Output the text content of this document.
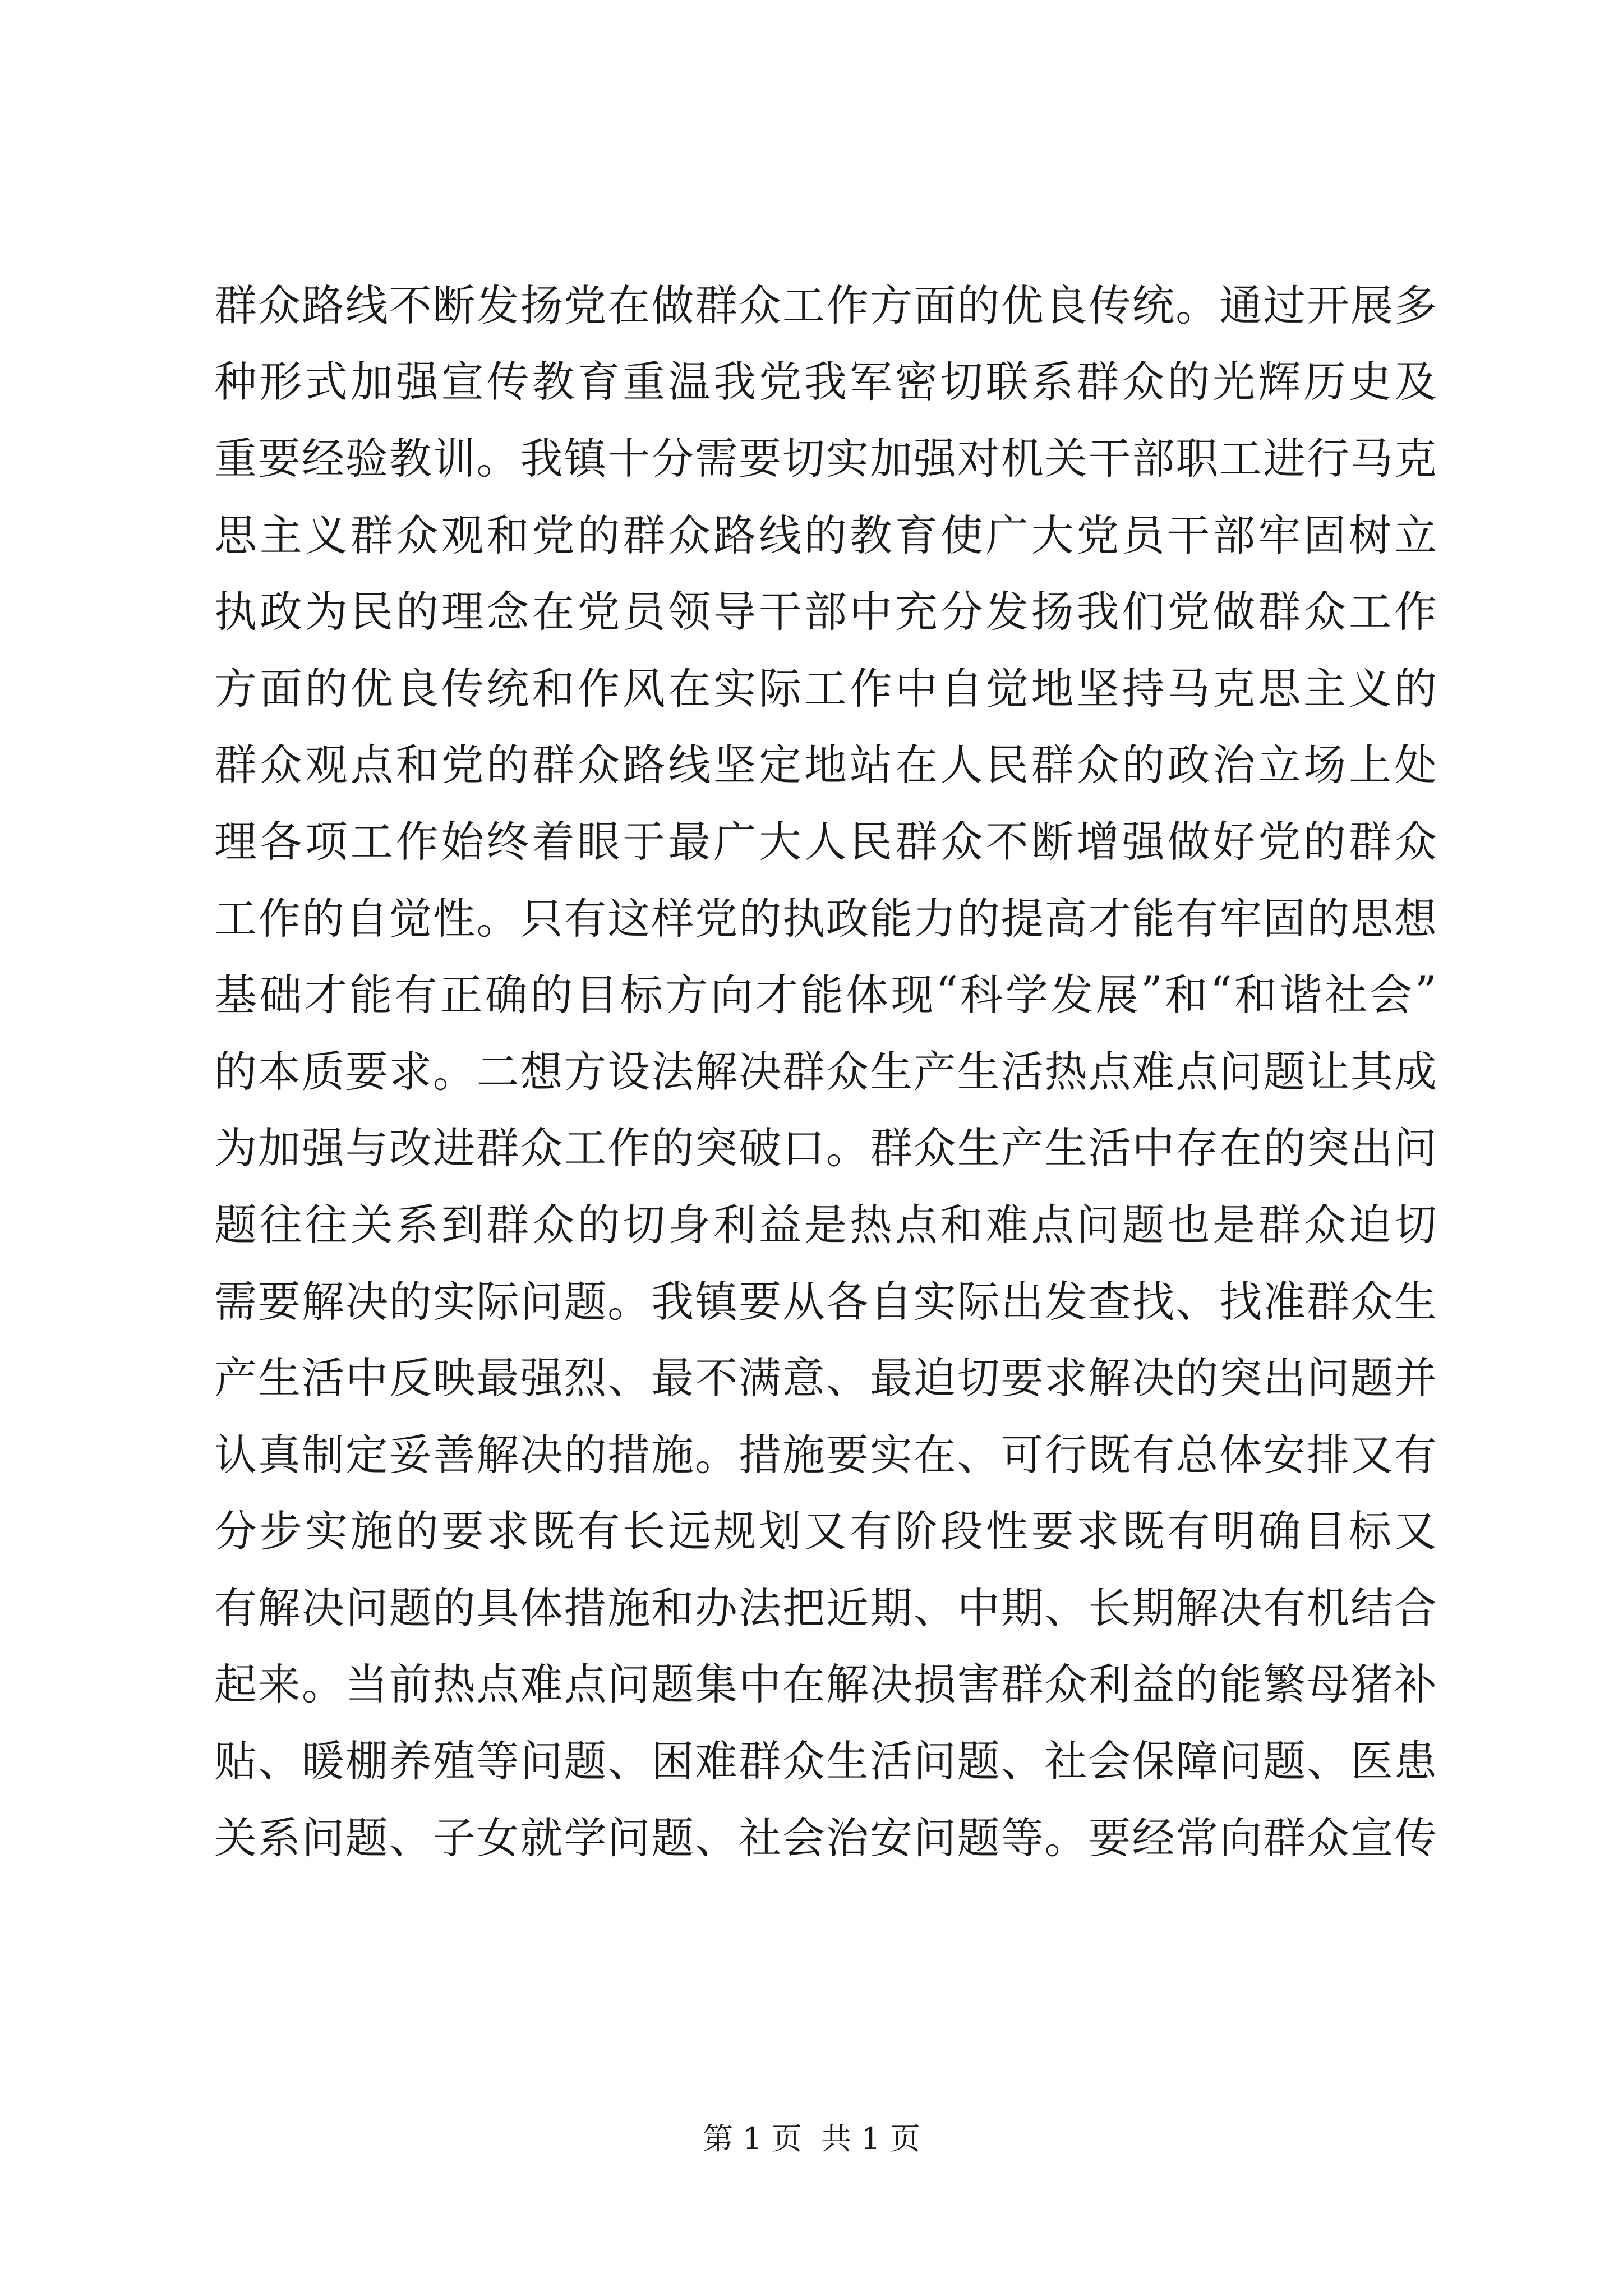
群 众 路 线 不 断 发 扬 党 在 做 群 众 工 作 方 面 的 优 良 传 统 。 通 过 开 展 多
种 形 式 加 强 宣 传 教 育 重 温 我 党 我 军 密 切 联 系 群 众 的 光 辉 历 史 及
重 要 经 验 教 训 。 我 镇 十 分 需 要 切 实 加 强 对 机 关 干 部 职 工 进 行 马 克
思 主 义 群 众 观 和 党 的 群 众 路 线 的 教 育 使 广 大 党 员 干 部 牢 固 树 立
执 政 为 民 的 理 念 在 党 员 领 导 干 部 中 充 分 发 扬 我 们 党 做 群 众 工 作
方 面 的 优 良 传 统 和 作 风 在 实 际 工 作 中 自 觉 地 坚 持 马 克 思 主 义 的
群 众 观 点 和 党 的 群 众 路 线 坚 定 地 站 在 人 民 群 众 的 政 治 立 场 上 处
理 各 项 工 作 始 终 着 眼 于 最 广 大 人 民 群 众 不 断 增 强 做 好 党 的 群 众
工 作 的 自 觉 性 。 只 有 这 样 党 的 执 政 能 力 的 提 高 才 能 有 牢 固 的 思 想
基 础 才 能 有 正 确 的 目 标 方 向 才 能 体 现 “ 科 学 发 展 ” 和 “ 和 谐 社 会 ”
的 本 质 要 求 。 二 想 方 设 法 解 决 群 众 生 产 生 活 热 点 难 点 问 题 让 其 成
为 加 强 与 改 进 群 众 工 作 的 突 破 口 。 群 众 生 产 生 活 中 存 在 的 突 出 问
题 往 往 关 系 到 群 众 的 切 身 利 益 是 热 点 和 难 点 问 题 也 是 群 众 迫 切
需 要 解 决 的 实 际 问 题 。 我 镇 要 从 各 自 实 际 出 发 查 找 、 找 准 群 众 生
产 生 活 中 反 映 最 强 烈 、 最 不 满 意 、 最 迫 切 要 求 解 决 的 突 出 问 题 并
认 真 制 定 妥 善 解 决 的 措 施 。 措 施 要 实 在 、 可 行 既 有 总 体 安 排 又 有
分 步 实 施 的 要 求 既 有 长 远 规 划 又 有 阶 段 性 要 求 既 有 明 确 目 标 又
有 解 决 问 题 的 具 体 措 施 和 办 法 把 近 期 、 中 期 、 长 期 解 决 有 机 结 合
起 来 。 当 前 热 点 难 点 问 题 集 中 在 解 决 损 害 群 众 利 益 的 能 繁 母 猪 补
贴 、 暖 棚 养 殖 等 问 题 、 困 难 群 众 生 活 问 题 、 社 会 保 障 问 题 、 医 患
关 系 问 题 、 子 女 就 学 问 题 、 社 会 治 安 问 题 等 。 要 经 常 向 群 众 宣 传
第 1 页  共 1 页
